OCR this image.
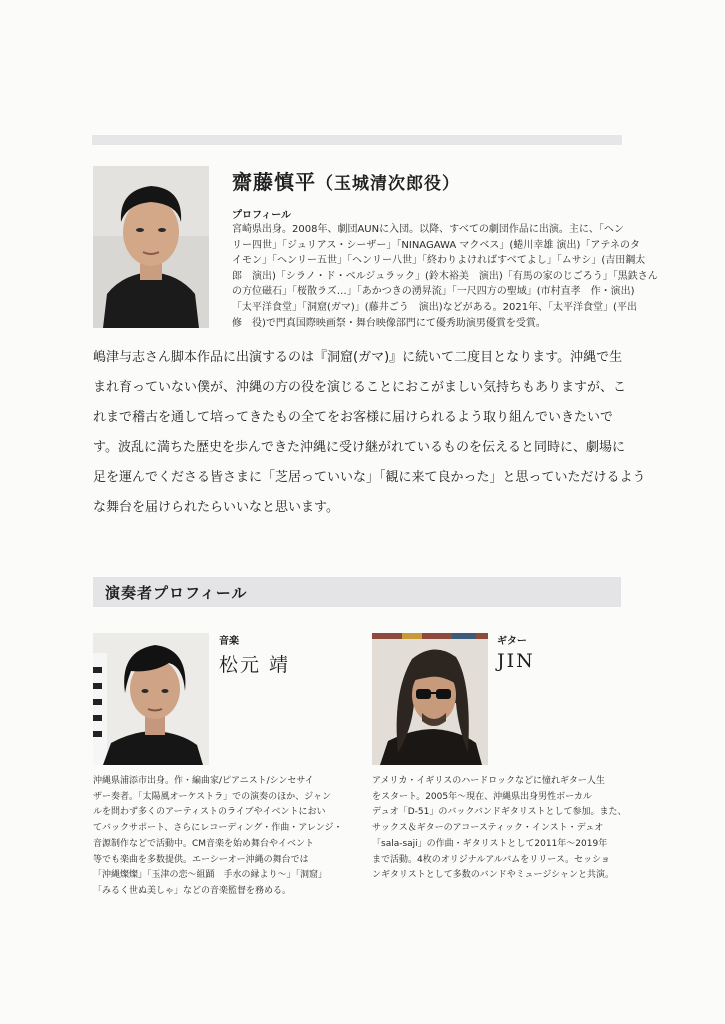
齋藤慎平（玉城清次郎役）
プロフィール
宮崎県出身。2008年、劇団AUNに入団。以降、すべての劇団作品に出演。主に、「ヘン
リー四世」「ジュリアス・シーザー」「NINAGAWA マクベス」(蜷川幸雄 演出)「アテネのタ
イモン」「ヘンリー五世」「ヘンリー八世」「終わりよければすべてよし」「ムサシ」(吉田鋼太
郎　演出)「シラノ・ド・ベルジュラック」(鈴木裕美　演出)「有馬の家のじごろう」「黒鉄さん
の方位磁石」「桜散ラズ…」「あかつきの湧昇流」「一尺四方の聖域」(市村直孝　作・演出)
「太平洋食堂」「洞窟(ガマ)」(藤井ごう　演出)などがある。2021年、「太平洋食堂」(平出
修　役)で門真国際映画祭・舞台映像部門にて優秀助演男優賞を受賞。
嶋津与志さん脚本作品に出演するのは『洞窟(ガマ)』に続いて二度目となります。沖縄で生
まれ育っていない僕が、沖縄の方の役を演じることにおこがましい気持ちもありますが、こ
れまで稽古を通して培ってきたもの全てをお客様に届けられるよう取り組んでいきたいで
す。波乱に満ちた歴史を歩んできた沖縄に受け継がれているものを伝えると同時に、劇場に
足を運んでくださる皆さまに「芝居っていいな」「観に来て良かった」と思っていただけるよう
な舞台を届けられたらいいなと思います。
演奏者プロフィール
音楽
松元 靖
沖縄県浦添市出身。作・編曲家/ピアニスト/シンセサイ
ザー奏者。「太陽風オーケストラ」での演奏のほか、ジャン
ルを問わず多くのアーティストのライブやイベントにおい
てバックサポート、さらにレコーディング・作曲・アレンジ・
音源制作などで活動中。CM音楽を始め舞台やイベント
等でも楽曲を多数提供。エーシーオー沖縄の舞台では
「沖縄燦燦」「玉津の恋〜組踊　手水の縁より〜」「洞窟」
「みるく世ぬ美しゃ」などの音楽監督を務める。
ギター
JIN
アメリカ・イギリスのハードロックなどに憧れギター人生
をスタート。2005年〜現在、沖縄県出身男性ボーカル
デュオ「D-51」のバックバンドギタリストとして参加。また、
サックス＆ギターのアコースティック・インスト・デュオ
「sala-saji」の作曲・ギタリストとして2011年〜2019年
まで活動。4枚のオリジナルアルバムをリリース。セッショ
ンギタリストとして多数のバンドやミュージシャンと共演。
